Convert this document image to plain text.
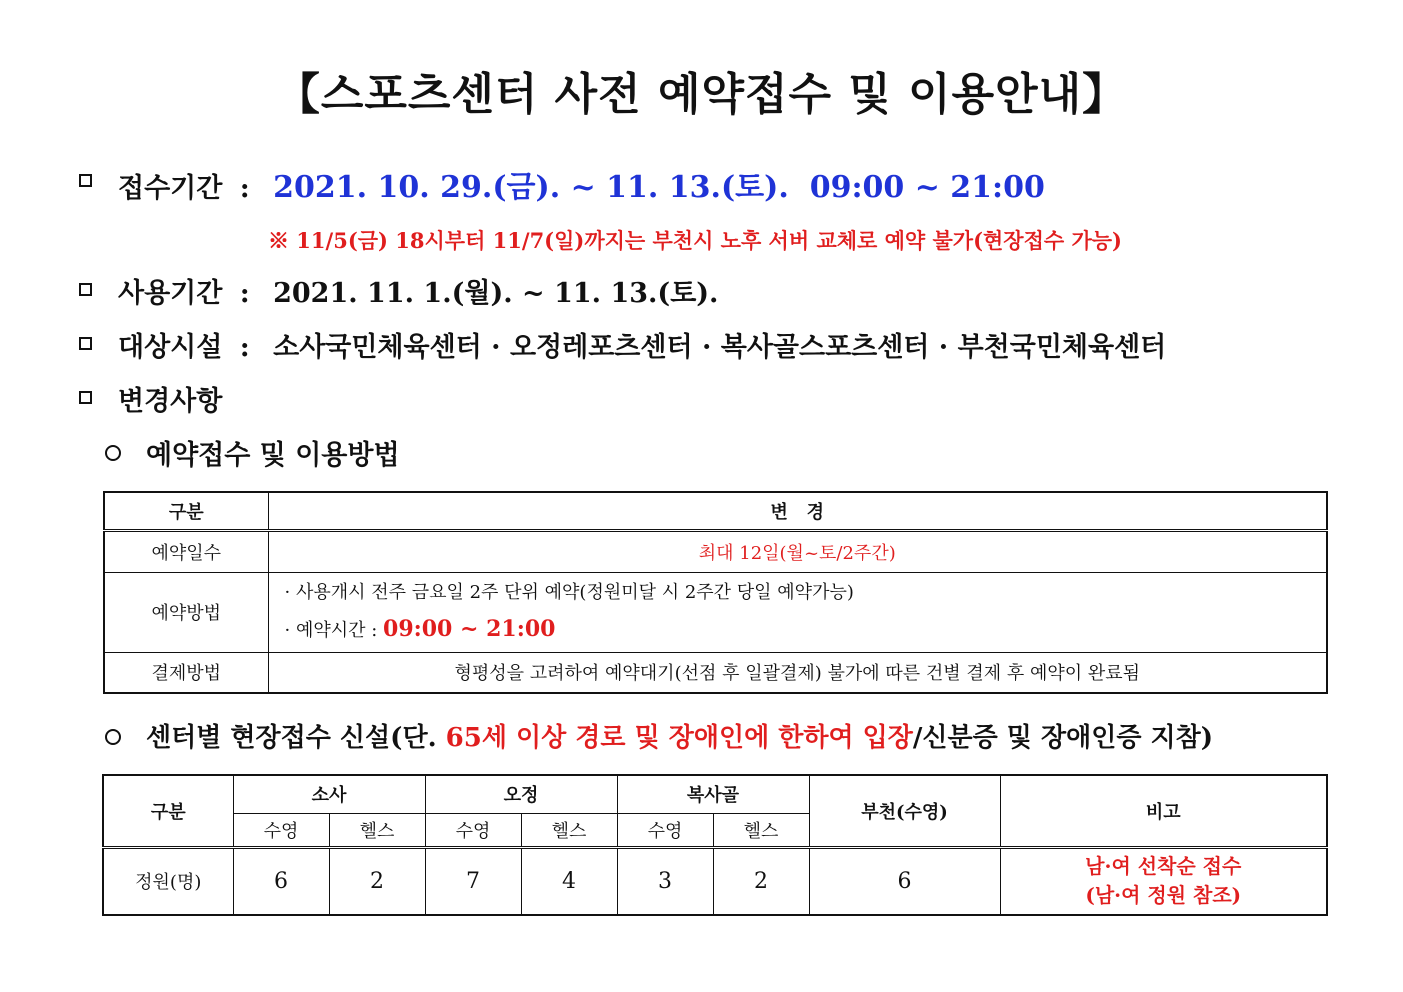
【스포츠센터 사전 예약접수 및 이용안내】
접수기간 : 2021. 10. 29.(금). ~ 11. 13.(토).  09:00 ~ 21:00
※ 11/5(금) 18시부터 11/7(일)까지는 부천시 노후 서버 교체로 예약 불가(현장접수 가능)
사용기간 : 2021. 11. 1.(월). ~ 11. 13.(토).
대상시설 : 소사국민체육센터 · 오정레포츠센터 · 복사골스포츠센터 · 부천국민체육센터
변경사항
예약접수 및 이용방법
구분	변   경
예약일수	최대 12일(월~토/2주간)
예약방법	· 사용개시 전주 금요일 2주 단위 예약(정원미달 시 2주간 당일 예약가능)
· 예약시간 : 09:00 ~ 21:00

결제방법	형평성을 고려하여 예약대기(선점 후 일괄결제) 불가에 따른 건별 결제 후 예약이 완료됨
센터별 현장접수 신설(단. 65세 이상 경로 및 장애인에 한하여 입장/신분증 및 장애인증 지참)
구분	소사		오정		복사골		부천(수영)	비고
	수영	헬스	수영	헬스	수영	헬스		
정원(명)	6	2	7	4	3	2	6	남·여 선착순 접수
(남·여 정원 참조)
